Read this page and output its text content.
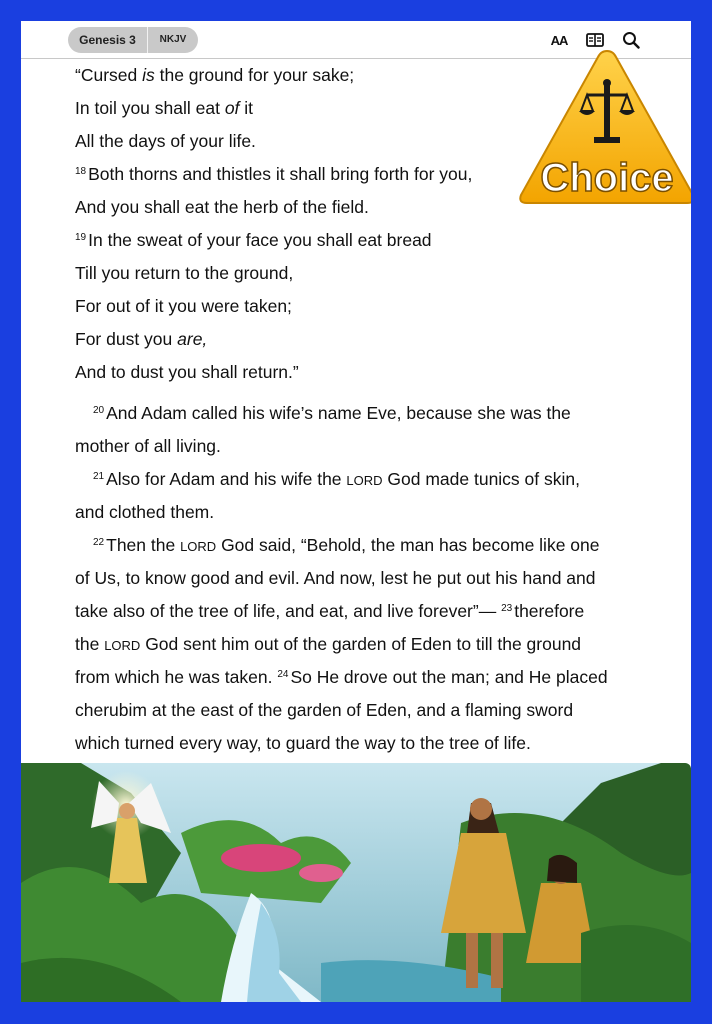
Genesis 3	NKJV	AA
“Cursed is the ground for your sake;
In toil you shall eat of it
All the days of your life.
$^{18}$ Both thorns and thistles it shall bring forth for you,
And you shall eat the herb of the field.
$^{19}$ In the sweat of your face you shall eat bread
Till you return to the ground,
For out of it you were taken;
For dust you are,
And to dust you shall return.”
$^{20}$ And Adam called his wife’s name Eve, because she was the
mother of all living.
$^{21}$ Also for Adam and his wife the LORD God made tunics of skin,
and clothed them.
$^{22}$ Then the LORD God said, “Behold, the man has become like one
of Us, to know good and evil. And now, lest he put out his hand and
take also of the tree of life, and eat, and live forever”— $^{23}$ therefore
the LORD God sent him out of the garden of Eden to till the ground
from which he was taken. $^{24}$ So He drove out the man; and He placed
cherubim at the east of the garden of Eden, and a flaming sword
which turned every way, to guard the way to the tree of life.
Choice
